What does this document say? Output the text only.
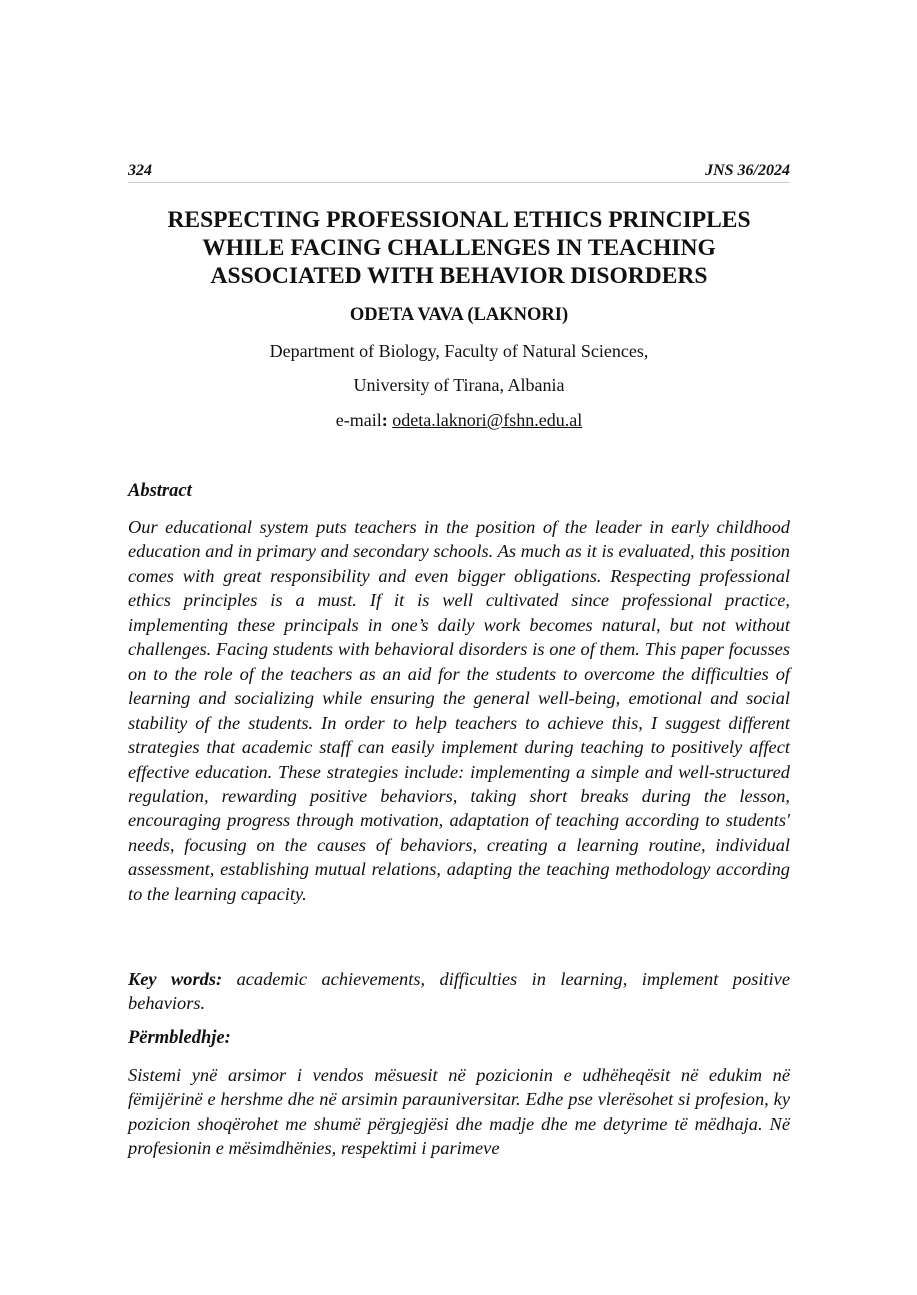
324	JNS 36/2024
RESPECTING PROFESSIONAL ETHICS PRINCIPLES
WHILE FACING CHALLENGES IN TEACHING
ASSOCIATED WITH BEHAVIOR DISORDERS
ODETA VAVA (LAKNORI)
Department of Biology, Faculty of Natural Sciences,
University of Tirana, Albania
e-mail: odeta.laknori@fshn.edu.al
Abstract

Our educational system puts teachers in the position of the leader in early childhood education and in primary and secondary schools. As much as it is evaluated, this position comes with great responsibility and even bigger obligations. Respecting professional ethics principles is a must. If it is well cultivated since professional practice, implementing these principals in one’s daily work becomes natural, but not without challenges. Facing students with behavioral disorders is one of them. This paper focusses on to the role of the teachers as an aid for the students to overcome the difficulties of learning and socializing while ensuring the general well-being, emotional and social stability of the students. In order to help teachers to achieve this, I suggest different strategies that academic staff can easily implement during teaching to positively affect effective education. These strategies include: implementing a simple and well-structured regulation, rewarding positive behaviors, taking short breaks during the lesson, encouraging progress through motivation, adaptation of teaching according to students' needs, focusing on the causes of behaviors, creating a learning routine, individual assessment, establishing mutual relations, adapting the teaching methodology according to the learning capacity.

Key words: academic achievements, difficulties in learning, implement positive behaviors.

Përmbledhje:

Sistemi ynë arsimor i vendos mësuesit në pozicionin e udhëheqësit në edukim në fëmijërinë e hershme dhe në arsimin parauniversitar. Edhe pse vlerësohet si profesion, ky pozicion shoqërohet me shumë përgjegjësi dhe madje dhe me detyrime të mëdhaja. Në profesionin e mësimdhënies, respektimi i parimeve
